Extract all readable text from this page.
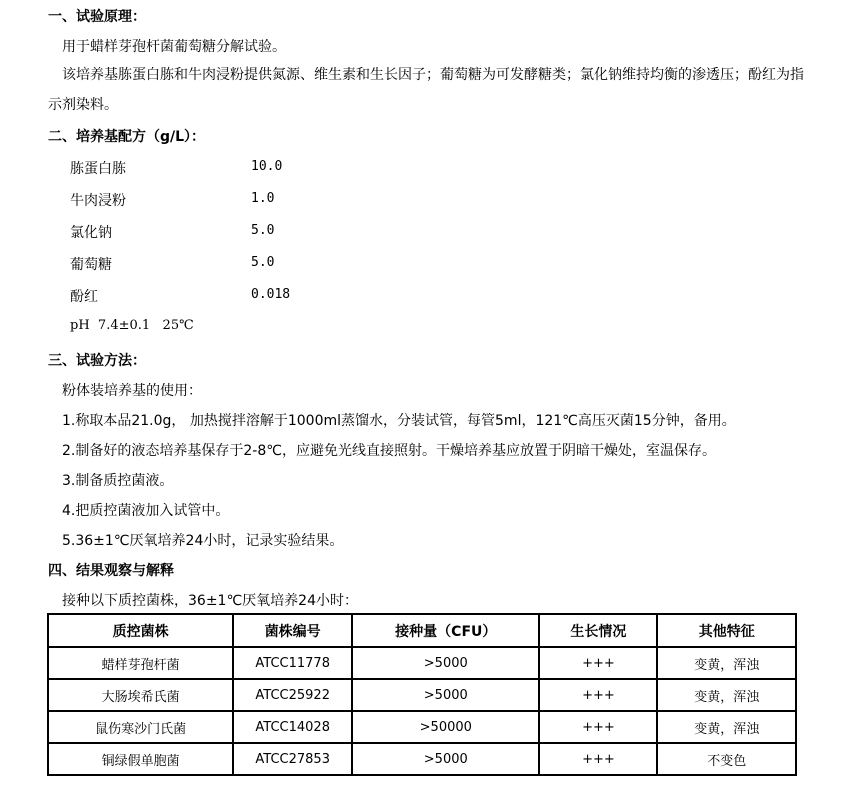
一、试验原理：
用于蜡样芽孢杆菌葡萄糖分解试验。
该培养基胨蛋白胨和牛肉浸粉提供氮源、维生素和生长因子；葡萄糖为可发酵糖类；氯化钠维持均衡的渗透压；酚红为指示剂染料。
二、培养基配方（g/L）：
胨蛋白胨	10.0
牛肉浸粉	1.0
氯化钠	5.0
葡萄糖	5.0
酚红	0.018
pH  7.4±0.1   25℃
三、试验方法：
粉体装培养基的使用：
1.称取本品21.0g， 加热搅拌溶解于1000ml蒸馏水，分装试管，每管5ml，121℃高压灭菌15分钟，备用。
2.制备好的液态培养基保存于2-8℃，应避免光线直接照射。干燥培养基应放置于阴暗干燥处，室温保存。
3.制备质控菌液。
4.把质控菌液加入试管中。
5.36±1℃厌氧培养24小时，记录实验结果。
四、结果观察与解释
接种以下质控菌株，36±1℃厌氧培养24小时：
质控菌株	菌株编号	接种量（CFU）	生长情况	其他特征
蜡样芽孢杆菌	ATCC11778	>5000	+++	变黄，浑浊
大肠埃希氏菌	ATCC25922	>5000	+++	变黄，浑浊
鼠伤寒沙门氏菌	ATCC14028	>50000	+++	变黄，浑浊
铜绿假单胞菌	ATCC27853	>5000	+++	不变色
